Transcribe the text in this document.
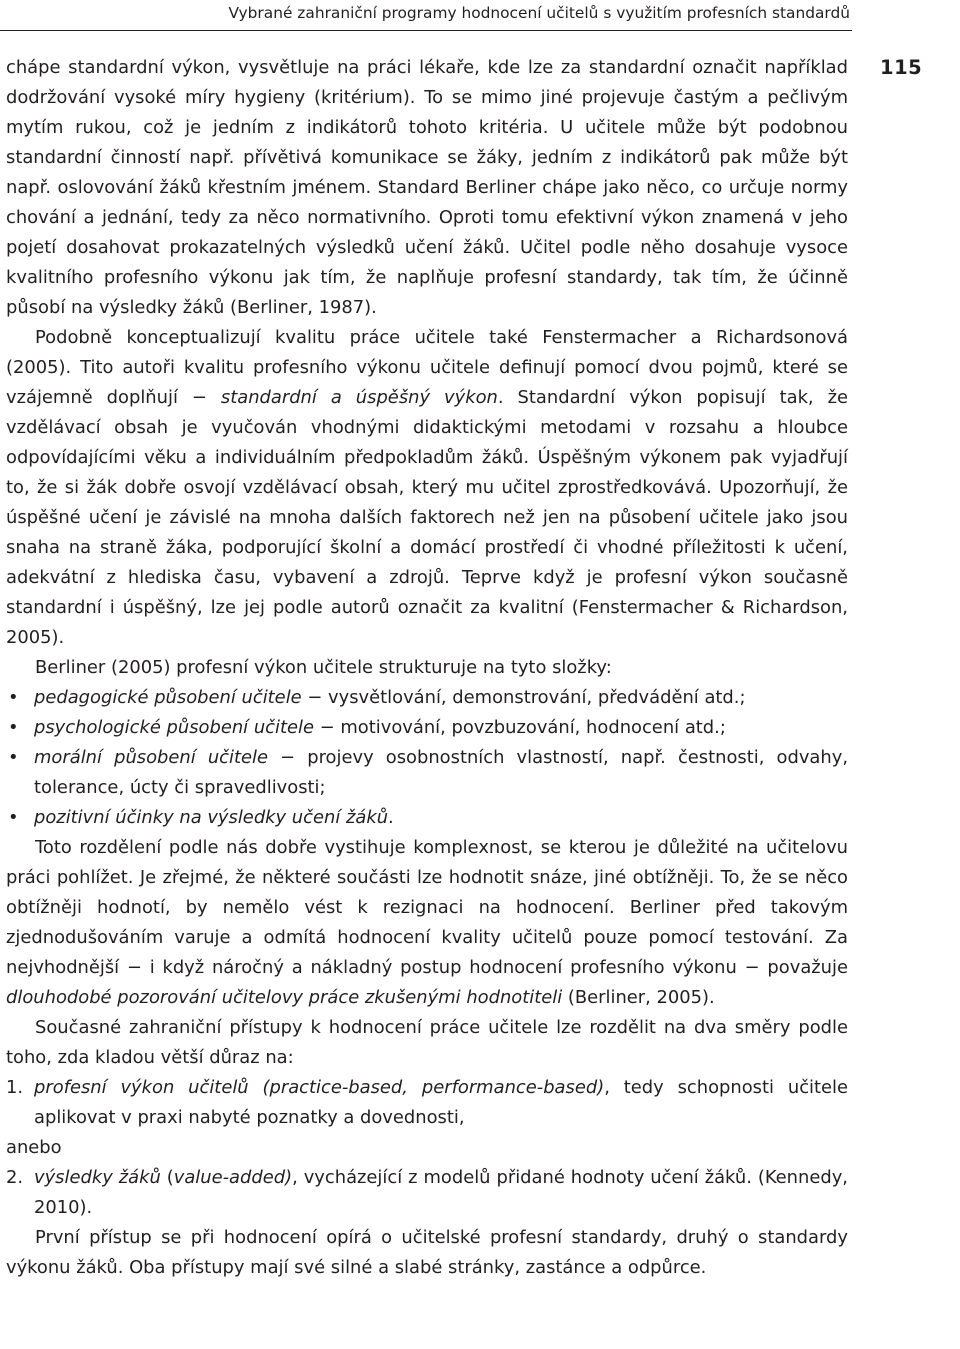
Vybrané zahraniční programy hodnocení učitelů s využitím profesních standardů
115

chápe standardní výkon, vysvětluje na práci lékaře, kde lze za standardní označit například dodržování vysoké míry hygieny (kritérium). To se mimo jiné projevuje častým a pečlivým mytím rukou, což je jedním z indikátorů tohoto kritéria. U učitele může být podobnou standardní činností např. přívětivá komunikace se žáky, jedním z indikátorů pak může být např. oslovování žáků křestním jménem. Standard Berliner chápe jako něco, co určuje normy chování a jednání, tedy za něco normativního. Oproti tomu efektivní výkon znamená v jeho pojetí dosahovat prokazatelných výsledků učení žáků. Učitel podle něho dosahuje vysoce kvalitního profesního výkonu jak tím, že naplňuje profesní standardy, tak tím, že účinně působí na výsledky žáků (Berliner, 1987).

Podobně konceptualizují kvalitu práce učitele také Fenstermacher a Richardsonová (2005). Tito autoři kvalitu profesního výkonu učitele definují pomocí dvou pojmů, které se vzájemně doplňují − standardní a úspěšný výkon. Standardní výkon popisují tak, že vzdělávací obsah je vyučován vhodnými didaktickými metodami v rozsahu a hloubce odpovídajícími věku a individuálním předpokladům žáků. Úspěšným výkonem pak vyjadřují to, že si žák dobře osvojí vzdělávací obsah, který mu učitel zprostředkovává. Upozorňují, že úspěšné učení je závislé na mnoha dalších faktorech než jen na působení učitele jako jsou snaha na straně žáka, podporující školní a domácí prostředí či vhodné příležitosti k učení, adekvátní z hlediska času, vybavení a zdrojů. Teprve když je profesní výkon současně standardní i úspěšný, lze jej podle autorů označit za kvalitní (Fenstermacher & Richardson, 2005).

Berliner (2005) profesní výkon učitele strukturuje na tyto složky:

• pedagogické působení učitele − vysvětlování, demonstrování, předvádění atd.;
• psychologické působení učitele − motivování, povzbuzování, hodnocení atd.;
• morální působení učitele − projevy osobnostních vlastností, např. čestnosti, odvahy, tolerance, úcty či spravedlivosti;
• pozitivní účinky na výsledky učení žáků.

Toto rozdělení podle nás dobře vystihuje komplexnost, se kterou je důležité na učitelovu práci pohlížet. Je zřejmé, že některé součásti lze hodnotit snáze, jiné obtížněji. To, že se něco obtížněji hodnotí, by nemělo vést k rezignaci na hodnocení. Berliner před takovým zjednodušováním varuje a odmítá hodnocení kvality učitelů pouze pomocí testování. Za nejvhodnější − i když náročný a nákladný postup hodnocení profesního výkonu − považuje dlouhodobé pozorování učitelovy práce zkušenými hodnotiteli (Berliner, 2005).

Současné zahraniční přístupy k hodnocení práce učitele lze rozdělit na dva směry podle toho, zda kladou větší důraz na:

1. profesní výkon učitelů (practice-based, performance-based), tedy schopnosti učitele aplikovat v praxi nabyté poznatky a dovednosti,
anebo
2. výsledky žáků (value-added), vycházející z modelů přidané hodnoty učení žáků. (Kennedy, 2010).

První přístup se při hodnocení opírá o učitelské profesní standardy, druhý o standardy výkonu žáků. Oba přístupy mají své silné a slabé stránky, zastánce a odpůrce.
